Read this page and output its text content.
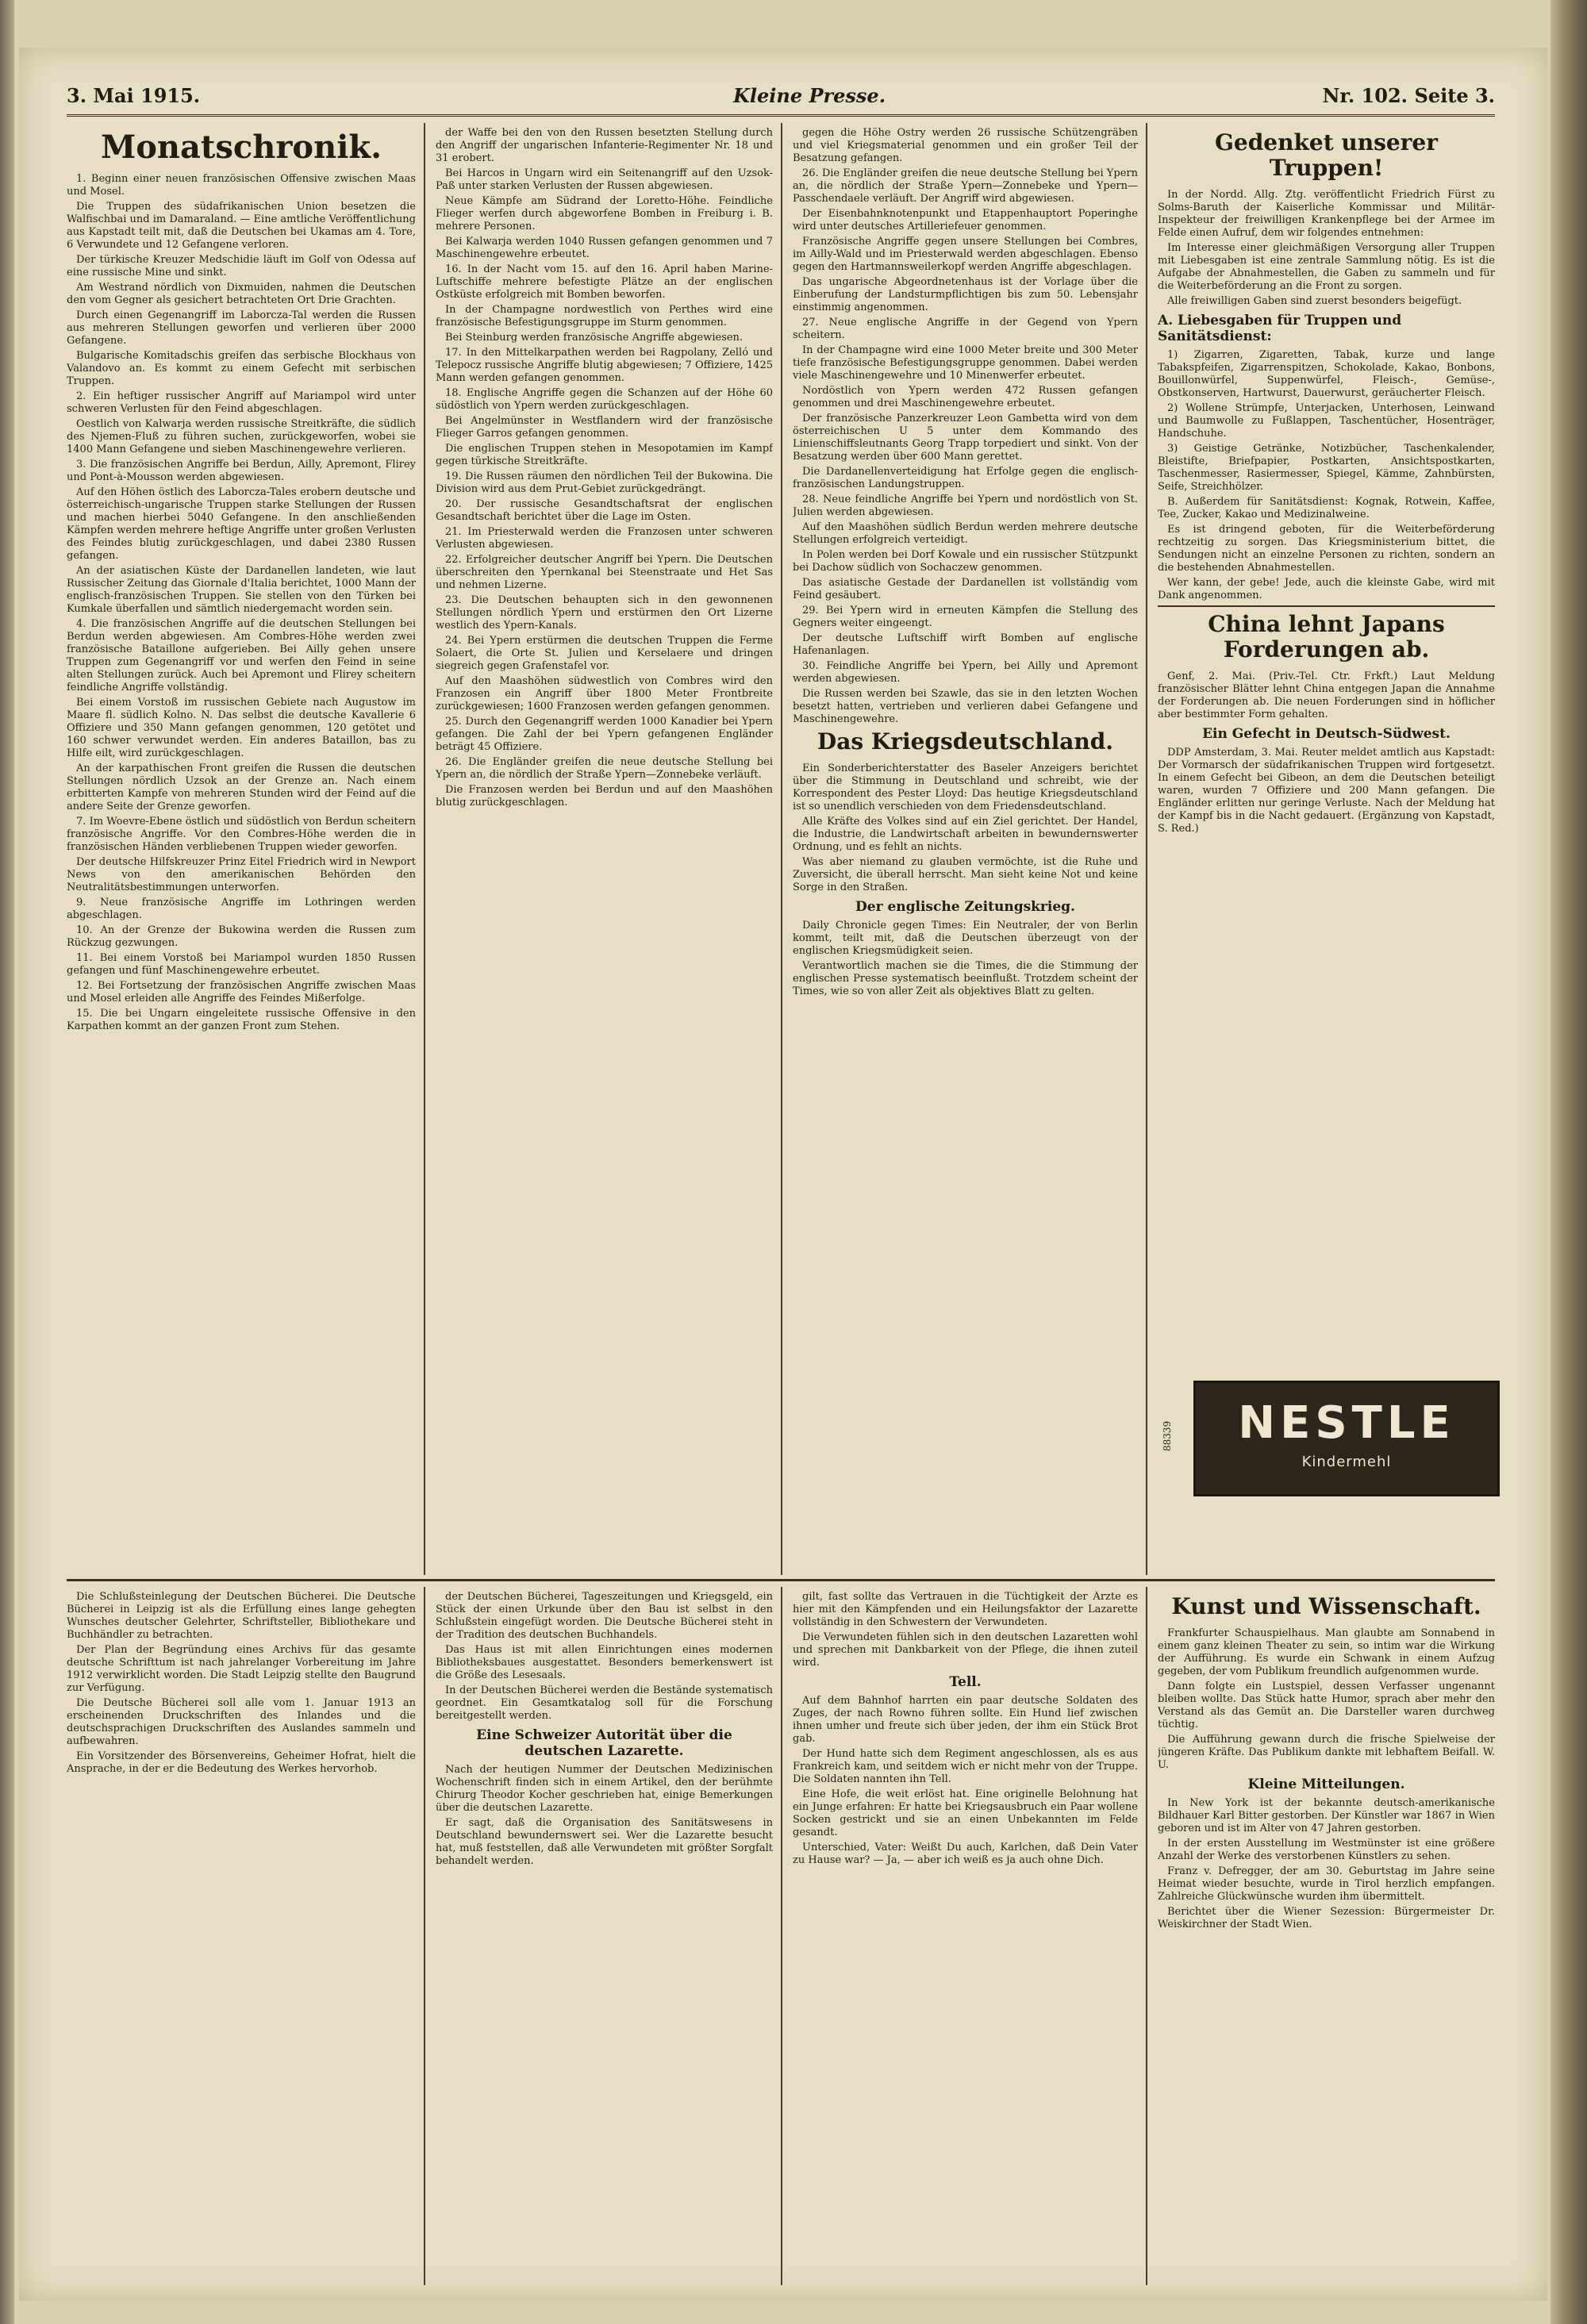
3. Mai 1915.	Kleine Presse.	Nr. 102. Seite 3.
Monatschronik.

1. Beginn einer neuen französischen Offensive zwischen Maas und Mosel.

Die Truppen des südafrikanischen Union besetzen die Walfischbai und im Damaraland. — Eine amtliche Veröffentlichung aus Kapstadt teilt mit, daß die Deutschen bei Ukamas am 4. Tore, 6 Verwundete und 12 Gefangene verloren.

Der türkische Kreuzer Medschidie läuft im Golf von Odessa auf eine russische Mine und sinkt.

Am Westrand nördlich von Dixmuiden, nahmen die Deutschen den vom Gegner als gesichert betrachteten Ort Drie Grachten.

Durch einen Gegenangriff im Laborcza-Tal werden die Russen aus mehreren Stellungen geworfen und verlieren über 2000 Gefangene.

Bulgarische Komitadschis greifen das serbische Blockhaus von Valandovo an. Es kommt zu einem Gefecht mit serbischen Truppen.

2. Ein heftiger russischer Angriff auf Mariampol wird unter schweren Verlusten für den Feind abgeschlagen.

Oestlich von Kalwarja werden russische Streitkräfte, die südlich des Njemen-Fluß zu führen suchen, zurückgeworfen, wobei sie 1400 Mann Gefangene und sieben Maschinengewehre verlieren.

3. Die französischen Angriffe bei Berdun, Ailly, Apremont, Flirey und Pont-à-Mousson werden abgewiesen.

Auf den Höhen östlich des Laborcza-Tales erobern deutsche und österreichisch-ungarische Truppen starke Stellungen der Russen und machen hierbei 5040 Gefangene. In den anschließenden Kämpfen werden mehrere heftige Angriffe unter großen Verlusten des Feindes blutig zurückgeschlagen, und dabei 2380 Russen gefangen.

An der asiatischen Küste der Dardanellen landeten, wie laut Russischer Zeitung das Giornale d'Italia berichtet, 1000 Mann der englisch-französischen Truppen. Sie stellen von den Türken bei Kumkale überfallen und sämtlich niedergemacht worden sein.

4. Die französischen Angriffe auf die deutschen Stellungen bei Berdun werden abgewiesen. Am Combres-Höhe werden zwei französische Bataillone aufgerieben. Bei Ailly gehen unsere Truppen zum Gegenangriff vor und werfen den Feind in seine alten Stellungen zurück. Auch bei Apremont und Flirey scheitern feindliche Angriffe vollständig.

Bei einem Vorstoß im russischen Gebiete nach Augustow im Maare fl. südlich Kolno. N. Das selbst die deutsche Kavallerie 6 Offiziere und 350 Mann gefangen genommen, 120 getötet und 160 schwer verwundet werden. Ein anderes Bataillon, bas zu Hilfe eilt, wird zurückgeschlagen.

An der karpathischen Front greifen die Russen die deutschen Stellungen nördlich Uzsok an der Grenze an. Nach einem erbitterten Kampfe von mehreren Stunden wird der Feind auf die andere Seite der Grenze geworfen.

7. Im Woevre-Ebene östlich und südöstlich von Berdun scheitern französische Angriffe. Vor den Combres-Höhe werden die in französischen Händen verbliebenen Truppen wieder geworfen.

Der deutsche Hilfskreuzer Prinz Eitel Friedrich wird in Newport News von den amerikanischen Behörden den Neutralitätsbestimmungen unterworfen.

9. Neue französische Angriffe im Lothringen werden abgeschlagen.

10. An der Grenze der Bukowina werden die Russen zum Rückzug gezwungen.

11. Bei einem Vorstoß bei Mariampol wurden 1850 Russen gefangen und fünf Maschinengewehre erbeutet.

12. Bei Fortsetzung der französischen Angriffe zwischen Maas und Mosel erleiden alle Angriffe des Feindes Mißerfolge.

15. Die bei Ungarn eingeleitete russische Offensive in den Karpathen kommt an der ganzen Front zum Stehen.

der Waffe bei den von den Russen besetzten Stellung durch den Angriff der ungarischen Infanterie-Regimenter Nr. 18 und 31 erobert.

Bei Harcos in Ungarn wird ein Seitenangriff auf den Uzsok-Paß unter starken Verlusten der Russen abgewiesen.

Neue Kämpfe am Südrand der Loretto-Höhe. Feindliche Flieger werfen durch abgeworfene Bomben in Freiburg i. B. mehrere Personen.

Bei Kalwarja werden 1040 Russen gefangen genommen und 7 Maschinengewehre erbeutet.

16. In der Nacht vom 15. auf den 16. April haben Marine-Luftschiffe mehrere befestigte Plätze an der englischen Ostküste erfolgreich mit Bomben beworfen.

In der Champagne nordwestlich von Perthes wird eine französische Befestigungsgruppe im Sturm genommen.

Bei Steinburg werden französische Angriffe abgewiesen.

17. In den Mittelkarpathen werden bei Ragpolany, Zelló und Telepocz russische Angriffe blutig abgewiesen; 7 Offiziere, 1425 Mann werden gefangen genommen.

18. Englische Angriffe gegen die Schanzen auf der Höhe 60 südöstlich von Ypern werden zurückgeschlagen.

Bei Angelmünster in Westflandern wird der französische Flieger Garros gefangen genommen.

Die englischen Truppen stehen in Mesopotamien im Kampf gegen türkische Streitkräfte.

19. Die Russen räumen den nördlichen Teil der Bukowina. Die Division wird aus dem Prut-Gebiet zurückgedrängt.

20. Der russische Gesandtschaftsrat der englischen Gesandtschaft berichtet über die Lage im Osten.

21. Im Priesterwald werden die Franzosen unter schweren Verlusten abgewiesen.

22. Erfolgreicher deutscher Angriff bei Ypern. Die Deutschen überschreiten den Ypernkanal bei Steenstraate und Het Sas und nehmen Lizerne.

23. Die Deutschen behaupten sich in den gewonnenen Stellungen nördlich Ypern und erstürmen den Ort Lizerne westlich des Ypern-Kanals.

24. Bei Ypern erstürmen die deutschen Truppen die Ferme Solaert, die Orte St. Julien und Kerselaere und dringen siegreich gegen Grafenstafel vor.

Auf den Maashöhen südwestlich von Combres wird den Franzosen ein Angriff über 1800 Meter Frontbreite zurückgewiesen; 1600 Franzosen werden gefangen genommen.

25. Durch den Gegenangriff werden 1000 Kanadier bei Ypern gefangen. Die Zahl der bei Ypern gefangenen Engländer beträgt 45 Offiziere.

26. Die Engländer greifen die neue deutsche Stellung bei Ypern an, die nördlich der Straße Ypern—Zonnebeke verläuft.

Die Franzosen werden bei Berdun und auf den Maashöhen blutig zurückgeschlagen.

gegen die Höhe Ostry werden 26 russische Schützengräben und viel Kriegsmaterial genommen und ein großer Teil der Besatzung gefangen.

26. Die Engländer greifen die neue deutsche Stellung bei Ypern an, die nördlich der Straße Ypern—Zonnebeke und Ypern—Passchendaele verläuft. Der Angriff wird abgewiesen.

Der Eisenbahnknotenpunkt und Etappenhauptort Poperinghe wird unter deutsches Artilleriefeuer genommen.

Französische Angriffe gegen unsere Stellungen bei Combres, im Ailly-Wald und im Priesterwald werden abgeschlagen. Ebenso gegen den Hartmannsweilerkopf werden Angriffe abgeschlagen.

Das ungarische Abgeordnetenhaus ist der Vorlage über die Einberufung der Landsturmpflichtigen bis zum 50. Lebensjahr einstimmig angenommen.

27. Neue englische Angriffe in der Gegend von Ypern scheitern.

In der Champagne wird eine 1000 Meter breite und 300 Meter tiefe französische Befestigungsgruppe genommen. Dabei werden viele Maschinengewehre und 10 Minenwerfer erbeutet.

Nordöstlich von Ypern werden 472 Russen gefangen genommen und drei Maschinengewehre erbeutet.

Der französische Panzerkreuzer Leon Gambetta wird von dem österreichischen U 5 unter dem Kommando des Linienschiffsleutnants Georg Trapp torpediert und sinkt. Von der Besatzung werden über 600 Mann gerettet.

Die Dardanellenverteidigung hat Erfolge gegen die englisch-französischen Landungstruppen.

28. Neue feindliche Angriffe bei Ypern und nordöstlich von St. Julien werden abgewiesen.

Auf den Maashöhen südlich Berdun werden mehrere deutsche Stellungen erfolgreich verteidigt.

In Polen werden bei Dorf Kowale und ein russischer Stützpunkt bei Dachow südlich von Sochaczew genommen.

Das asiatische Gestade der Dardanellen ist vollständig vom Feind gesäubert.

29. Bei Ypern wird in erneuten Kämpfen die Stellung des Gegners weiter eingeengt.

Der deutsche Luftschiff wirft Bomben auf englische Hafenanlagen.

30. Feindliche Angriffe bei Ypern, bei Ailly und Apremont werden abgewiesen.

Die Russen werden bei Szawle, das sie in den letzten Wochen besetzt hatten, vertrieben und verlieren dabei Gefangene und Maschinengewehre.

Das Kriegsdeutschland.

Ein Sonderberichterstatter des Baseler Anzeigers berichtet über die Stimmung in Deutschland und schreibt, wie der Korrespondent des Pester Lloyd: Das heutige Kriegsdeutschland ist so unendlich verschieden von dem Friedensdeutschland.

Alle Kräfte des Volkes sind auf ein Ziel gerichtet. Der Handel, die Industrie, die Landwirtschaft arbeiten in bewundernswerter Ordnung, und es fehlt an nichts.

Was aber niemand zu glauben vermöchte, ist die Ruhe und Zuversicht, die überall herrscht. Man sieht keine Not und keine Sorge in den Straßen.

Der englische Zeitungskrieg.

Daily Chronicle gegen Times: Ein Neutraler, der von Berlin kommt, teilt mit, daß die Deutschen überzeugt von der englischen Kriegsmüdigkeit seien.

Verantwortlich machen sie die Times, die die Stimmung der englischen Presse systematisch beeinflußt. Trotzdem scheint der Times, wie so von aller Zeit als objektives Blatt zu gelten.

Gedenket unserer Truppen!

In der Nordd. Allg. Ztg. veröffentlicht Friedrich Fürst zu Solms-Baruth der Kaiserliche Kommissar und Militär-Inspekteur der freiwilligen Krankenpflege bei der Armee im Felde einen Aufruf, dem wir folgendes entnehmen:

Im Interesse einer gleichmäßigen Versorgung aller Truppen mit Liebesgaben ist eine zentrale Sammlung nötig. Es ist die Aufgabe der Abnahmestellen, die Gaben zu sammeln und für die Weiterbeförderung an die Front zu sorgen.

Alle freiwilligen Gaben sind zuerst besonders beigefügt.

A. Liebesgaben für Truppen und Sanitätsdienst:

1) Zigarren, Zigaretten, Tabak, kurze und lange Tabakspfeifen, Zigarrenspitzen, Schokolade, Kakao, Bonbons, Bouillonwürfel, Suppenwürfel, Fleisch-, Gemüse-, Obstkonserven, Hartwurst, Dauerwurst, geräucherter Fleisch.

2) Wollene Strümpfe, Unterjacken, Unterhosen, Leinwand und Baumwolle zu Fußlappen, Taschentücher, Hosenträger, Handschuhe.

3) Geistige Getränke, Notizbücher, Taschenkalender, Bleistifte, Briefpapier, Postkarten, Ansichtspostkarten, Taschenmesser, Rasiermesser, Spiegel, Kämme, Zahnbürsten, Seife, Streichhölzer.

B. Außerdem für Sanitätsdienst: Kognak, Rotwein, Kaffee, Tee, Zucker, Kakao und Medizinalweine.

Es ist dringend geboten, für die Weiterbeförderung rechtzeitig zu sorgen. Das Kriegsministerium bittet, die Sendungen nicht an einzelne Personen zu richten, sondern an die bestehenden Abnahmestellen.

Wer kann, der gebe! Jede, auch die kleinste Gabe, wird mit Dank angenommen.

China lehnt Japans Forderungen ab.

Genf, 2. Mai. (Priv.-Tel. Ctr. Frkft.) Laut Meldung französischer Blätter lehnt China entgegen Japan die Annahme der Forderungen ab. Die neuen Forderungen sind in höflicher aber bestimmter Form gehalten.

Ein Gefecht in Deutsch-Südwest.

DDP Amsterdam, 3. Mai. Reuter meldet amtlich aus Kapstadt: Der Vormarsch der südafrikanischen Truppen wird fortgesetzt. In einem Gefecht bei Gibeon, an dem die Deutschen beteiligt waren, wurden 7 Offiziere und 200 Mann gefangen. Die Engländer erlitten nur geringe Verluste. Nach der Meldung hat der Kampf bis in die Nacht gedauert. (Ergänzung von Kapstadt, S. Red.)

88339	NESTLE
Kindermehl

Die Schlußsteinlegung der Deutschen Bücherei. Die Deutsche Bücherei in Leipzig ist als die Erfüllung eines lange gehegten Wunsches deutscher Gelehrter, Schriftsteller, Bibliothekare und Buchhändler zu betrachten.

Der Plan der Begründung eines Archivs für das gesamte deutsche Schrifttum ist nach jahrelanger Vorbereitung im Jahre 1912 verwirklicht worden. Die Stadt Leipzig stellte den Baugrund zur Verfügung.

Die Deutsche Bücherei soll alle vom 1. Januar 1913 an erscheinenden Druckschriften des Inlandes und die deutschsprachigen Druckschriften des Auslandes sammeln und aufbewahren.

Ein Vorsitzender des Börsenvereins, Geheimer Hofrat, hielt die Ansprache, in der er die Bedeutung des Werkes hervorhob.

der Deutschen Bücherei, Tageszeitungen und Kriegsgeld, ein Stück der einen Urkunde über den Bau ist selbst in den Schlußstein eingefügt worden. Die Deutsche Bücherei steht in der Tradition des deutschen Buchhandels.

Das Haus ist mit allen Einrichtungen eines modernen Bibliotheksbaues ausgestattet. Besonders bemerkenswert ist die Größe des Lesesaals.

In der Deutschen Bücherei werden die Bestände systematisch geordnet. Ein Gesamtkatalog soll für die Forschung bereitgestellt werden.

Eine Schweizer Autorität über die deutschen Lazarette.

Nach der heutigen Nummer der Deutschen Medizinischen Wochenschrift finden sich in einem Artikel, den der berühmte Chirurg Theodor Kocher geschrieben hat, einige Bemerkungen über die deutschen Lazarette.

Er sagt, daß die Organisation des Sanitätswesens in Deutschland bewundernswert sei. Wer die Lazarette besucht hat, muß feststellen, daß alle Verwundeten mit größter Sorgfalt behandelt werden.

gilt, fast sollte das Vertrauen in die Tüchtigkeit der Ärzte es hier mit den Kämpfenden und ein Heilungsfaktor der Lazarette vollständig in den Schwestern der Verwundeten.

Die Verwundeten fühlen sich in den deutschen Lazaretten wohl und sprechen mit Dankbarkeit von der Pflege, die ihnen zuteil wird.

Tell.

Auf dem Bahnhof harrten ein paar deutsche Soldaten des Zuges, der nach Rowno führen sollte. Ein Hund lief zwischen ihnen umher und freute sich über jeden, der ihm ein Stück Brot gab.

Der Hund hatte sich dem Regiment angeschlossen, als es aus Frankreich kam, und seitdem wich er nicht mehr von der Truppe. Die Soldaten nannten ihn Tell.

Eine Hofe, die weit erlöst hat. Eine originelle Belohnung hat ein Junge erfahren: Er hatte bei Kriegsausbruch ein Paar wollene Socken gestrickt und sie an einen Unbekannten im Felde gesandt.

Unterschied, Vater: Weißt Du auch, Karlchen, daß Dein Vater zu Hause war? — Ja, — aber ich weiß es ja auch ohne Dich.

Kunst und Wissenschaft.

Frankfurter Schauspielhaus. Man glaubte am Sonnabend in einem ganz kleinen Theater zu sein, so intim war die Wirkung der Aufführung. Es wurde ein Schwank in einem Aufzug gegeben, der vom Publikum freundlich aufgenommen wurde.

Dann folgte ein Lustspiel, dessen Verfasser ungenannt bleiben wollte. Das Stück hatte Humor, sprach aber mehr den Verstand als das Gemüt an. Die Darsteller waren durchweg tüchtig.

Die Aufführung gewann durch die frische Spielweise der jüngeren Kräfte. Das Publikum dankte mit lebhaftem Beifall. W. U.

Kleine Mitteilungen.

In New York ist der bekannte deutsch-amerikanische Bildhauer Karl Bitter gestorben. Der Künstler war 1867 in Wien geboren und ist im Alter von 47 Jahren gestorben.

In der ersten Ausstellung im Westmünster ist eine größere Anzahl der Werke des verstorbenen Künstlers zu sehen.

Franz v. Defregger, der am 30. Geburtstag im Jahre seine Heimat wieder besuchte, wurde in Tirol herzlich empfangen. Zahlreiche Glückwünsche wurden ihm übermittelt.

Berichtet über die Wiener Sezession: Bürgermeister Dr. Weiskirchner der Stadt Wien.
